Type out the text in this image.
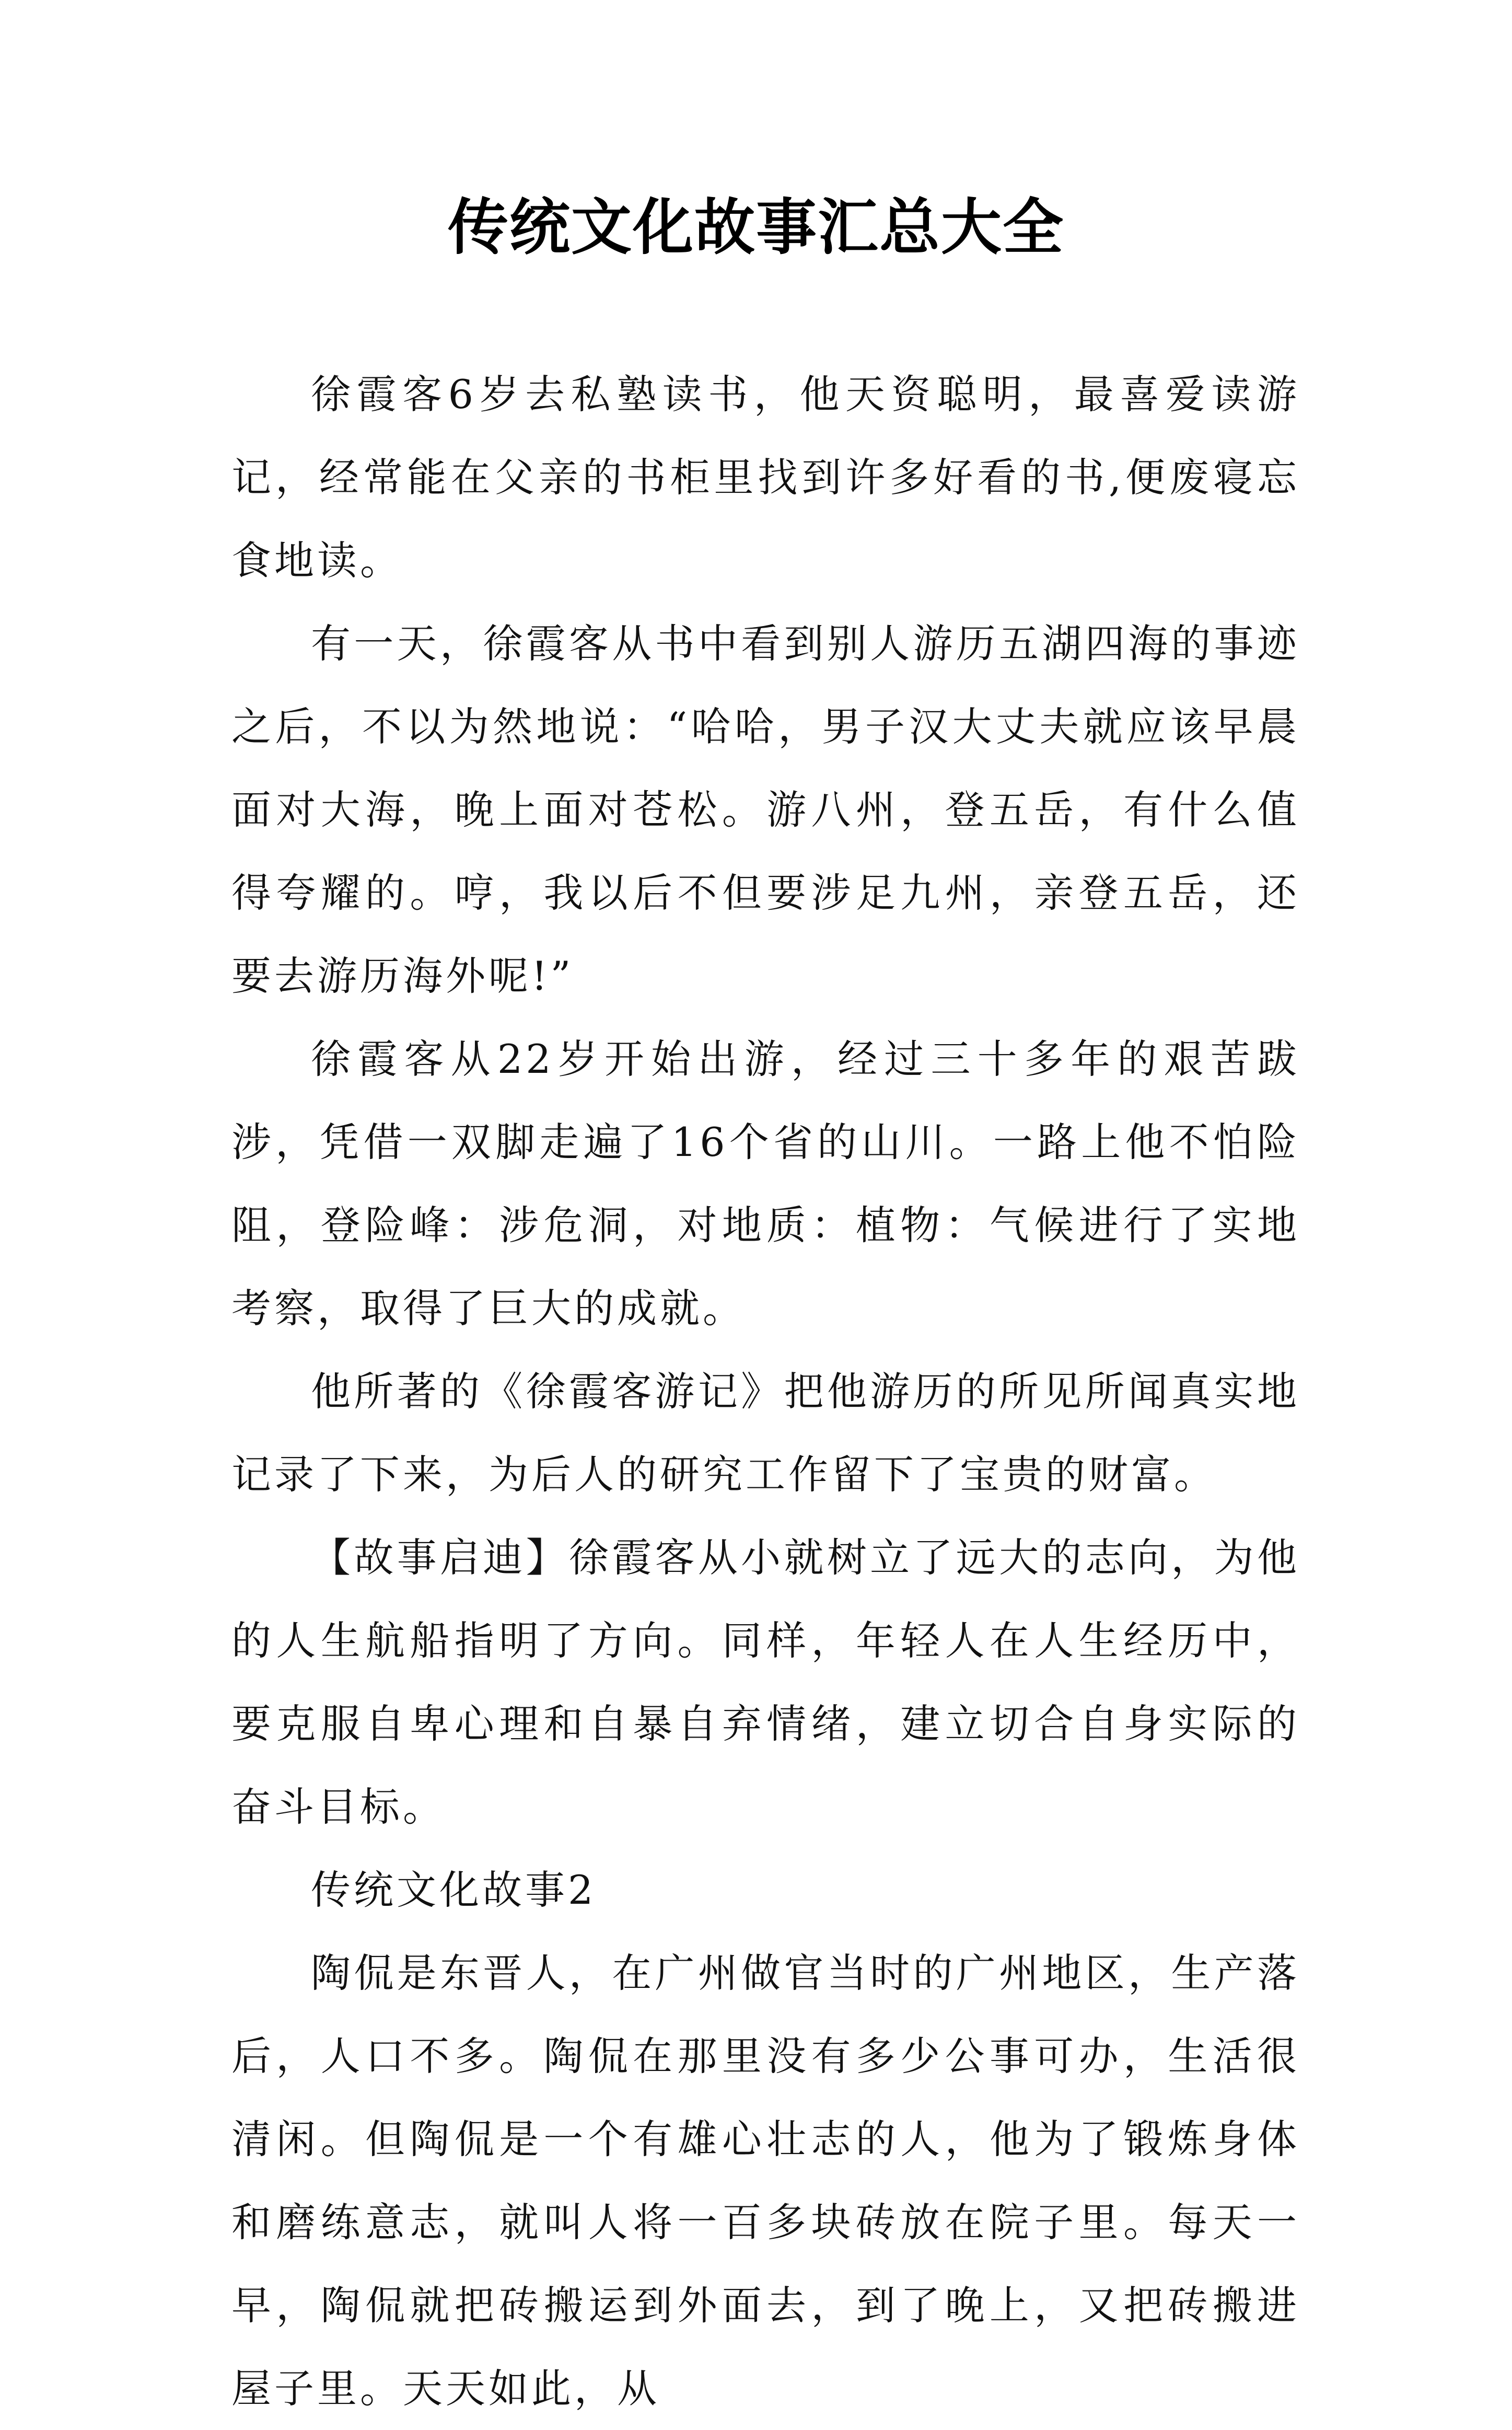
传统文化故事汇总大全

徐霞客6岁去私塾读书，他天资聪明，最喜爱读游记，经常能在父亲的书柜里找到许多好看的书,便废寝忘食地读。

有一天，徐霞客从书中看到别人游历五湖四海的事迹之后，不以为然地说：“哈哈，男子汉大丈夫就应该早晨面对大海，晚上面对苍松。游八州，登五岳，有什么值得夸耀的。哼，我以后不但要涉足九州，亲登五岳，还要去游历海外呢!”

徐霞客从22岁开始出游，经过三十多年的艰苦跋涉，凭借一双脚走遍了16个省的山川。一路上他不怕险阻，登险峰：涉危洞，对地质：植物：气候进行了实地考察，取得了巨大的成就。

他所著的《徐霞客游记》把他游历的所见所闻真实地记录了下来，为后人的研究工作留下了宝贵的财富。

【故事启迪】徐霞客从小就树立了远大的志向，为他的人生航船指明了方向。同样，年轻人在人生经历中，要克服自卑心理和自暴自弃情绪，建立切合自身实际的奋斗目标。

传统文化故事2

陶侃是东晋人，在广州做官当时的广州地区，生产落后，人口不多。陶侃在那里没有多少公事可办，生活很清闲。但陶侃是一个有雄心壮志的人，他为了锻炼身体和磨练意志，就叫人将一百多块砖放在院子里。每天一早，陶侃就把砖搬运到外面去，到了晚上，又把砖搬进屋子里。天天如此，从
